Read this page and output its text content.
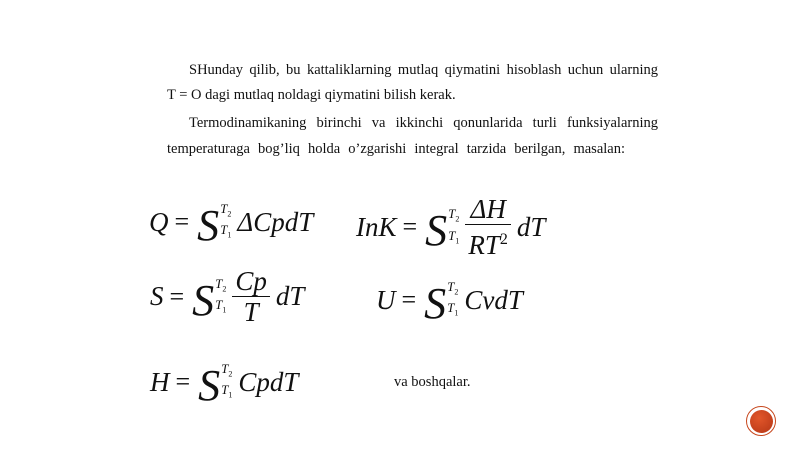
SHunday qilib, bu kattaliklarning mutlaq qiymatini hisoblash uchun ularning
T = O dagi mutlaq noldagi qiymatini bilish kerak.
Termodinamikaning birinchi va ikkinchi qonunlarida turli funksiyalarning
temperaturaga bog’liq holda o’zgarishi integral tarzida berilgan, masalan:
Q = S $T_2$
$T_1$ ΔCpdT InK = S $T_2$
$T_1 \frac{\Delta H}{RT^2}$ dT
S = S $T_2$
$T_1 \frac{Cp}{T}$ dT	U = S $T_2$
$T_1$ CvdT
H = S $T_2$
$T_1$ CpdT	va boshqalar.
